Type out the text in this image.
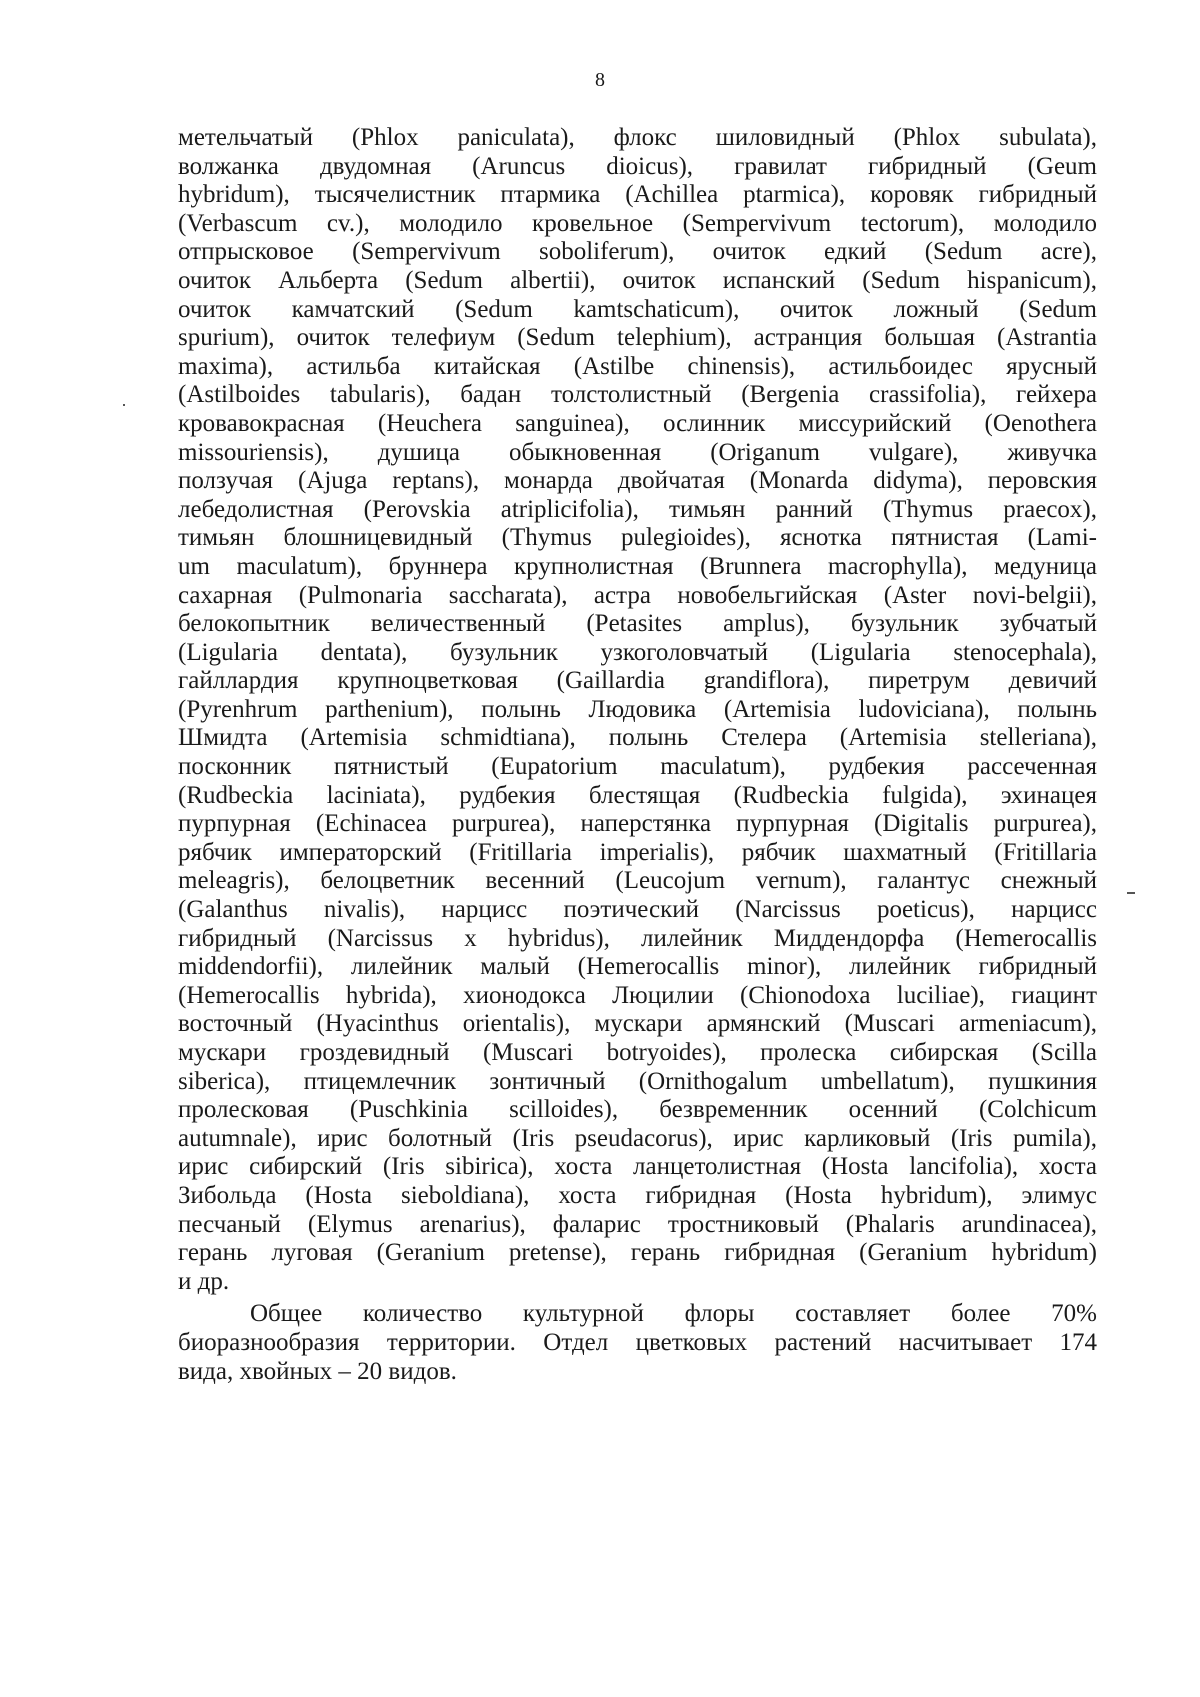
8
метельчатый (Phlox paniculata), флокс шиловидный (Phlox subulata),
волжанка двудомная (Aruncus dioicus), гравилат гибридный (Geum
hybridum), тысячелистник птармика (Achillea ptarmica), коровяк гибридный
(Verbascum cv.), молодило кровельное (Sempervivum tectorum), молодило
отпрысковое (Sempervivum soboliferum), очиток едкий (Sedum acre),
очиток Альберта (Sedum albertii), очиток испанский (Sedum hispanicum),
очиток камчатский (Sedum kamtschaticum), очиток ложный (Sedum
spurium), очиток телефиум (Sedum telephium), астранция большая (Astrantia
maxima), астильба китайская (Astilbe chinensis), астильбоидес ярусный
(Astilboides tabularis), бадан толстолистный (Bergenia crassifolia), гейхера
кровавокрасная (Heuchera sanguinea), ослинник миссурийский (Oenothera
missouriensis), душица обыкновенная (Origanum vulgare), живучка
ползучая (Ajuga reptans), монарда двойчатая (Monarda didyma), перовския
лебедолистная (Perovskia atriplicifolia), тимьян ранний (Thymus praecox),
тимьян блошницевидный (Thymus pulegioides), яснотка пятнистая (Lami-
um maculatum), бруннера крупнолистная (Brunnera macrophylla), медуница
сахарная (Pulmonaria saccharata), астра новобельгийская (Aster novi-belgii),
белокопытник величественный (Petasites amplus), бузульник зубчатый
(Ligularia dentata), бузульник узкоголовчатый (Ligularia stenocephala),
гайллардия крупноцветковая (Gaillardia grandiflora), пиретрум девичий
(Pyrenhrum parthenium), полынь Людовика (Artemisia ludoviciana), полынь
Шмидта (Artemisia schmidtiana), полынь Стелера (Artemisia stelleriana),
посконник пятнистый (Eupatorium maculatum), рудбекия рассеченная
(Rudbeckia laciniata), рудбекия блестящая (Rudbeckia fulgida), эхинацея
пурпурная (Echinacea purpurea), наперстянка пурпурная (Digitalis purpurea),
рябчик императорский (Fritillaria imperialis), рябчик шахматный (Fritillaria
meleagris), белоцветник весенний (Leucojum vernum), галантус снежный
(Galanthus nivalis), нарцисс поэтический (Narcissus poeticus), нарцисс
гибридный (Narcissus x hybridus), лилейник Миддендорфа (Hemerocallis
middendorfii), лилейник малый (Hemerocallis minor), лилейник гибридный
(Hemerocallis hybrida), хионодокса Люцилии (Chionodoxa luciliae), гиацинт
восточный (Hyacinthus orientalis), мускари армянский (Muscari armeniacum),
мускари гроздевидный (Muscari botryoides), пролеска сибирская (Scilla
siberica), птицемлечник зонтичный (Ornithogalum umbellatum), пушкиния
пролесковая (Puschkinia scilloides), безвременник осенний (Colchicum
autumnale), ирис болотный (Iris pseudacorus), ирис карликовый (Iris pumila),
ирис сибирский (Iris sibirica), хоста ланцетолистная (Hosta lancifolia), хоста
Зибольда (Hosta sieboldiana), хоста гибридная (Hosta hybridum), элимус
песчаный (Elymus arenarius), фаларис тростниковый (Phalaris arundinacea),
герань луговая (Geranium pretense), герань гибридная (Geranium hybridum)
и др.
Общее количество культурной флоры составляет более 70%
биоразнообразия территории. Отдел цветковых растений насчитывает 174
вида, хвойных – 20 видов.
